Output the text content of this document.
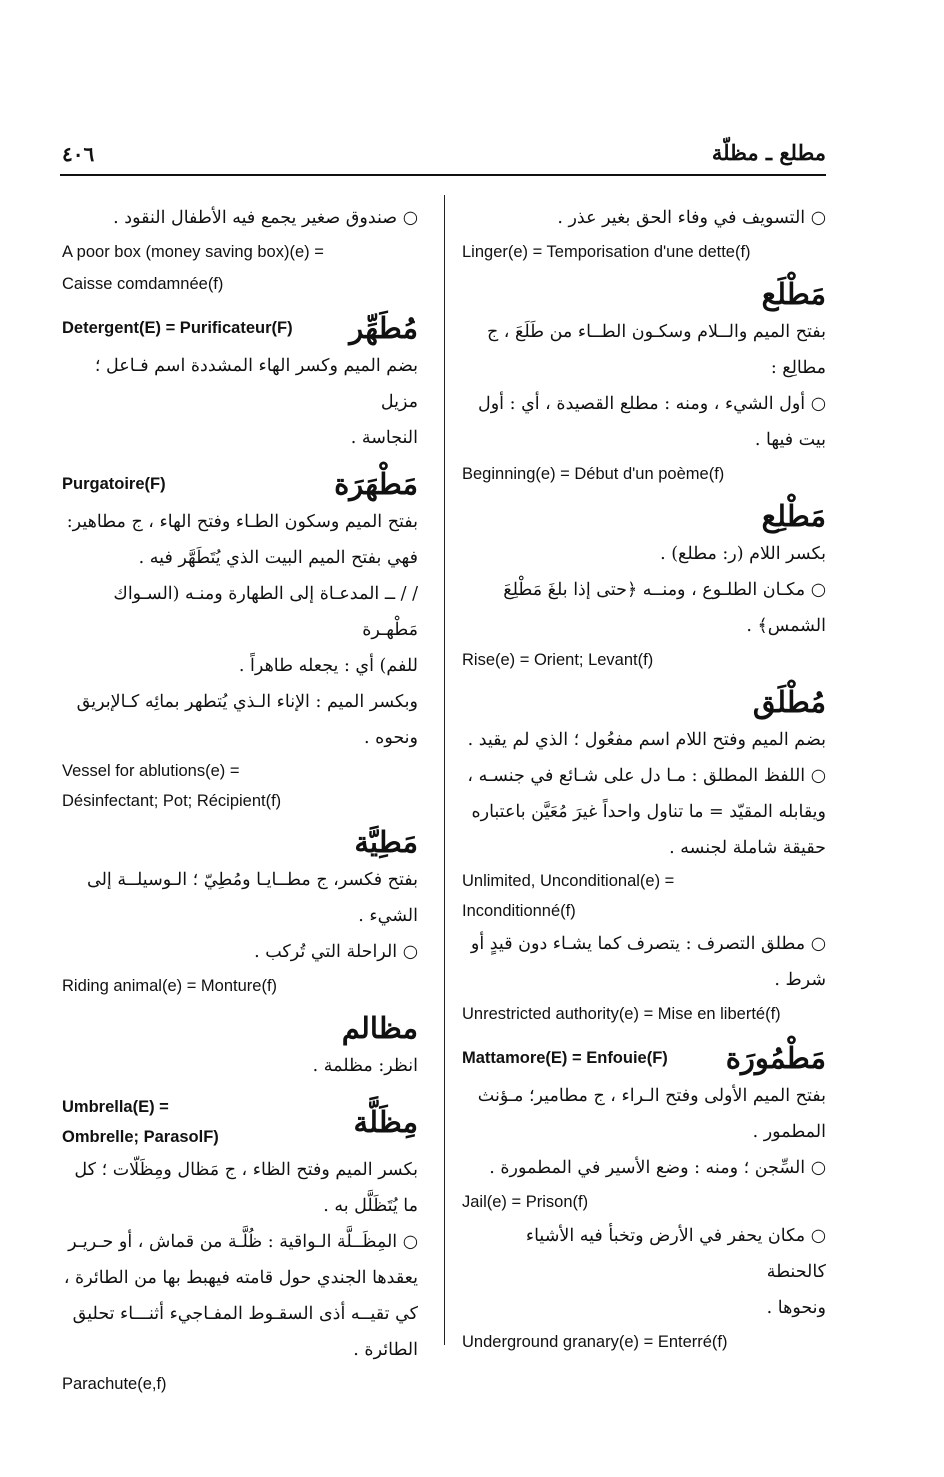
مطلع ـ مظلّة
٤٠٦
○ التسويف في وفاء الحق بغير عذر .
Linger(e) = Temporisation d'une dette(f)
مَطْلَع
بفتح الميم والــلام وسكـون الطــاء من طَلَعَ ، ج
مطالِع :
○ أول الشيء ، ومنه : مطلع القصيدة ، أي : أول
بيت فيها .
Beginning(e) = Début d'un poème(f)
مَطْلِع
بكسر اللام (ر: مطلع) .
○ مكـان الطلـوع ، ومنــه ﴿حتى إذا بلغَ مَطْلِعَ
الشمس﴾ .
Rise(e) = Orient; Levant(f)
مُطْلَق
بضم الميم وفتح اللام اسم مفعُول ؛ الذي لم يقيد .
○ اللفظ المطلق : مـا دل على شـائع في جنسـه ،
ويقابله المقيّد = ما تناول واحداً غيرَ مُعَيَّن باعتباره
حقيقة شاملة لجنسه .
Unlimited, Unconditional(e) =
Inconditionné(f)
○ مطلق التصرف : يتصرف كما يشـاء دون قيدٍ أو
شرط .
Unrestricted authority(e) = Mise en liberté(f)
Mattamore(E) = Enfouie(F) مَطْمُورَة
بفتح الميم الأولى وفتح الـراء ، ج مطامير؛ مـؤنث
المطمور .
○ السِّجن ؛ ومنه : وضع الأسير في المطمورة .
Jail(e) = Prison(f)
○ مكان يحفر في الأرض وتخبأ فيه الأشياء كالحنطة
ونحوها .
Underground granary(e) = Enterré(f)
○ صندوق صغير يجمع فيه الأطفال النقود .
A poor box (money saving box)(e) =
Caisse comdamnée(f)
Detergent(E) = Purificateur(F) مُطَهِّر
بضم الميم وكسر الهاء المشددة اسم فـاعل ؛ مزيل
النجاسة .
Purgatoire(F)	مَطْهَرَة
بفتح الميم وسكون الطـاء وفتح الهاء ، ج مطاهير:
فهي بفتح الميم البيت الذي يُتَطَهَّر فيه .
/ / ــ المدعـاة إلى الطهارة ومنـه (السـواك مَطْهـرة
للفم) أي : يجعله طاهراً .
وبكسر الميم : الإناء الـذي يُتطهر بمائِه كـالإبريق
ونحوه .
Vessel for ablutions(e) =
Désinfectant; Pot; Récipient(f)
مَطِيَّة
بفتح فكسر، ج مطــايـا ومُطِيّ ؛ الـوسيلــة إلى
الشيء .
○ الراحلة التي تُركب .
Riding animal(e) = Monture(f)
مظالم
انظر: مظلمة .
Umbrella(E) =
Ombrelle; ParasolF)	مِظَلَّة
بكسر الميم وفتح الظاء ، ج مَظال ومِظَلّات ؛ كل
ما يُتَظَلَّل به .
○ المِظَــلَّة الـواقية : ظُلَّـة من قماش ، أو حـريـر
يعقدها الجندي حول قامته فيهبط بها من الطائرة ،
كي تقيــه أذى السقـوط المفـاجيء أثنـــاء تحليق
الطائرة .
Parachute(e,f)
